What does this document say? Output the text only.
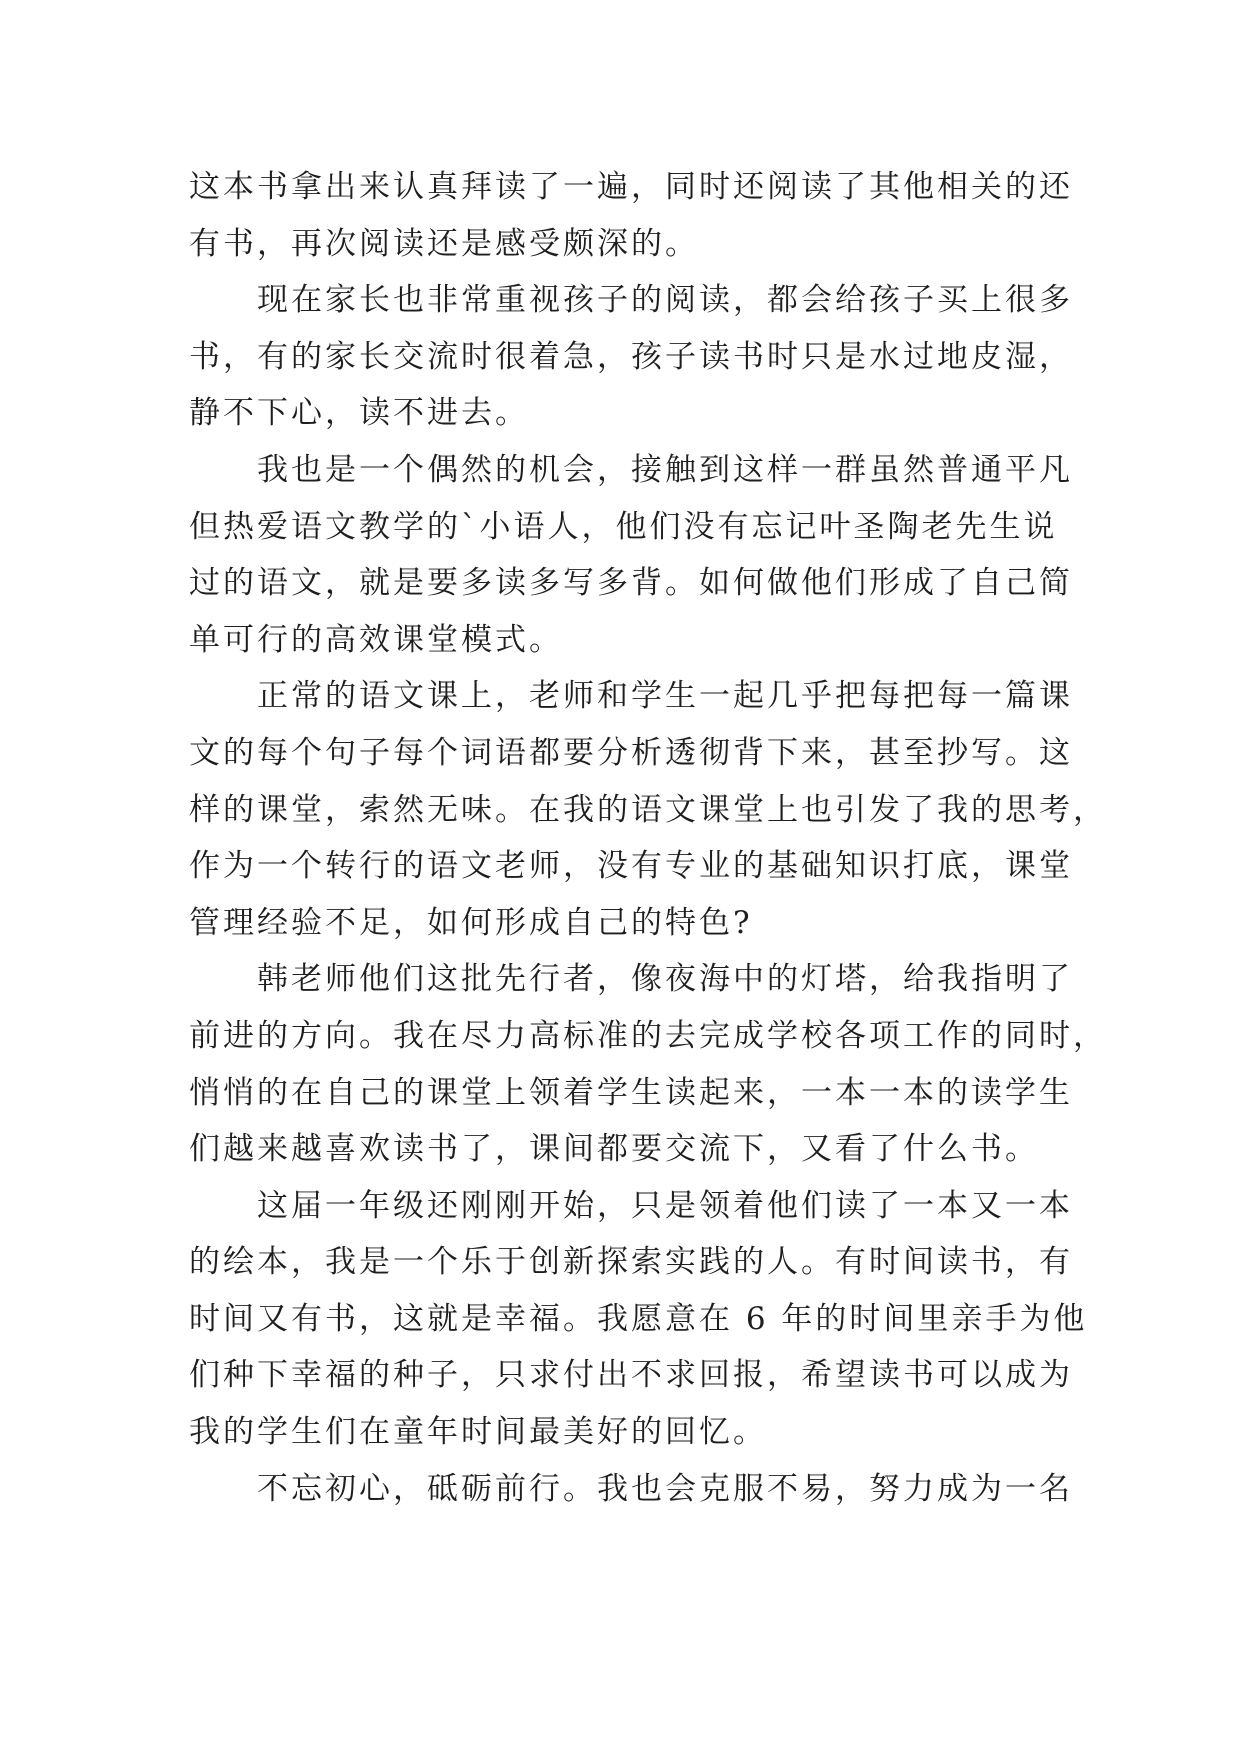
这本书拿出来认真拜读了一遍，同时还阅读了其他相关的还
有书，再次阅读还是感受颇深的。
现在家长也非常重视孩子的阅读，都会给孩子买上很多
书，有的家长交流时很着急，孩子读书时只是水过地皮湿，
静不下心，读不进去。
我也是一个偶然的机会，接触到这样一群虽然普通平凡
但热爱语文教学的`小语人，他们没有忘记叶圣陶老先生说
过的语文，就是要多读多写多背。如何做他们形成了自己简
单可行的高效课堂模式。
正常的语文课上，老师和学生一起几乎把每把每一篇课
文的每个句子每个词语都要分析透彻背下来，甚至抄写。这
样的课堂，索然无味。在我的语文课堂上也引发了我的思考，
作为一个转行的语文老师，没有专业的基础知识打底，课堂
管理经验不足，如何形成自己的特色?
韩老师他们这批先行者，像夜海中的灯塔，给我指明了
前进的方向。我在尽力高标准的去完成学校各项工作的同时，
悄悄的在自己的课堂上领着学生读起来，一本一本的读学生
们越来越喜欢读书了，课间都要交流下，又看了什么书。
这届一年级还刚刚开始，只是领着他们读了一本又一本
的绘本，我是一个乐于创新探索实践的人。有时间读书，有
时间又有书，这就是幸福。我愿意在 6 年的时间里亲手为他
们种下幸福的种子，只求付出不求回报，希望读书可以成为
我的学生们在童年时间最美好的回忆。
不忘初心，砥砺前行。我也会克服不易，努力成为一名
